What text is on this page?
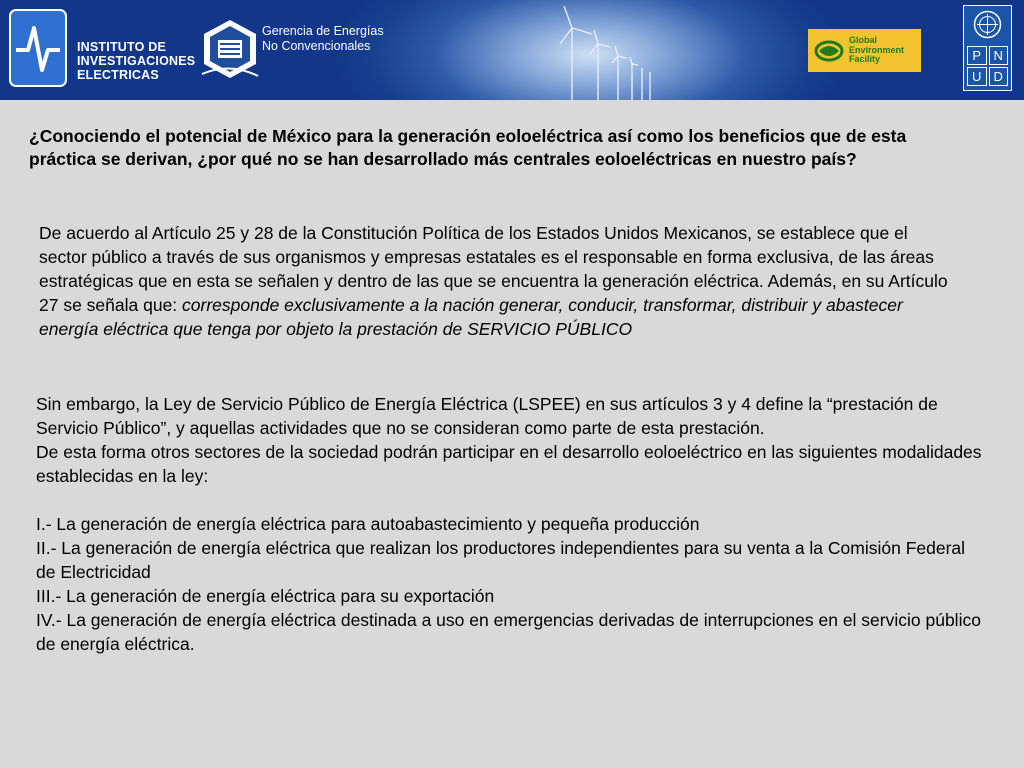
INSTITUTO DE
INVESTIGACIONES
ELECTRICAS
Gerencia de Energías
No Convencionales	Global
Environment
Facility	P N
U D
¿Conociendo el potencial de México para la generación eoloeléctrica así como los beneficios que de esta práctica se derivan, ¿por qué no se han desarrollado más centrales eoloeléctricas en nuestro país?
De acuerdo al Artículo 25 y 28 de la Constitución Política de los Estados Unidos Mexicanos, se establece que el sector público a través de sus organismos y empresas estatales es el responsable en forma exclusiva, de las áreas estratégicas que en esta se señalen y dentro de las que se encuentra la generación eléctrica. Además, en su Artículo 27 se señala que: corresponde exclusivamente a la nación generar, conducir, transformar, distribuir y abastecer energía eléctrica que tenga por objeto la prestación de SERVICIO PÚBLICO
Sin embargo, la Ley de Servicio Público de Energía Eléctrica (LSPEE) en sus artículos 3 y 4 define la “prestación de Servicio Público”, y aquellas actividades que no se consideran como parte de esta prestación.
De esta forma otros sectores de la sociedad podrán participar en el desarrollo eoloeléctrico en las siguientes modalidades establecidas en la ley:
I.- La generación de energía eléctrica para autoabastecimiento y pequeña producción
II.- La generación de energía eléctrica que realizan los productores independientes para su venta a la Comisión Federal de Electricidad
III.- La generación de energía eléctrica para su exportación
IV.- La generación de energía eléctrica destinada a uso en emergencias derivadas de interrupciones en el servicio público de energía eléctrica.
